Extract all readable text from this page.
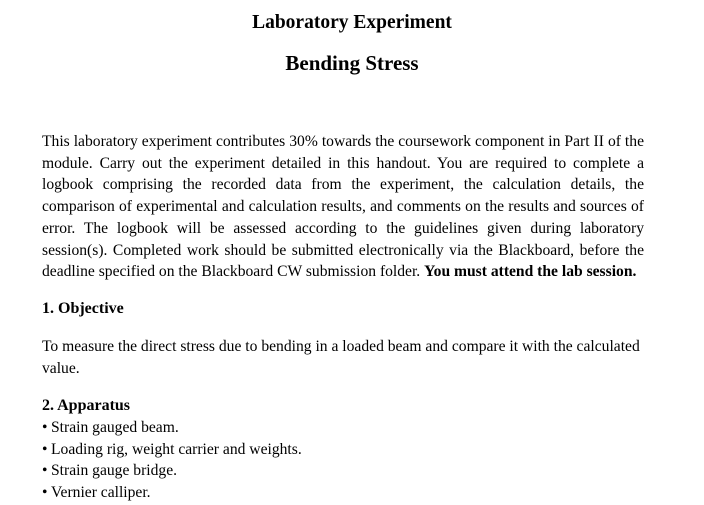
Laboratory Experiment
Bending Stress

This laboratory experiment contributes 30% towards the coursework component in Part II of the module. Carry out the experiment detailed in this handout. You are required to complete a logbook comprising the recorded data from the experiment, the calculation details, the comparison of experimental and calculation results, and comments on the results and sources of error. The logbook will be assessed according to the guidelines given during laboratory session(s). Completed work should be submitted electronically via the Blackboard, before the deadline specified on the Blackboard CW submission folder. You must attend the lab session.

1. Objective

To measure the direct stress due to bending in a loaded beam and compare it with the calculated value.

2. Apparatus
• Strain gauged beam.
• Loading rig, weight carrier and weights.
• Strain gauge bridge.
• Vernier calliper.
